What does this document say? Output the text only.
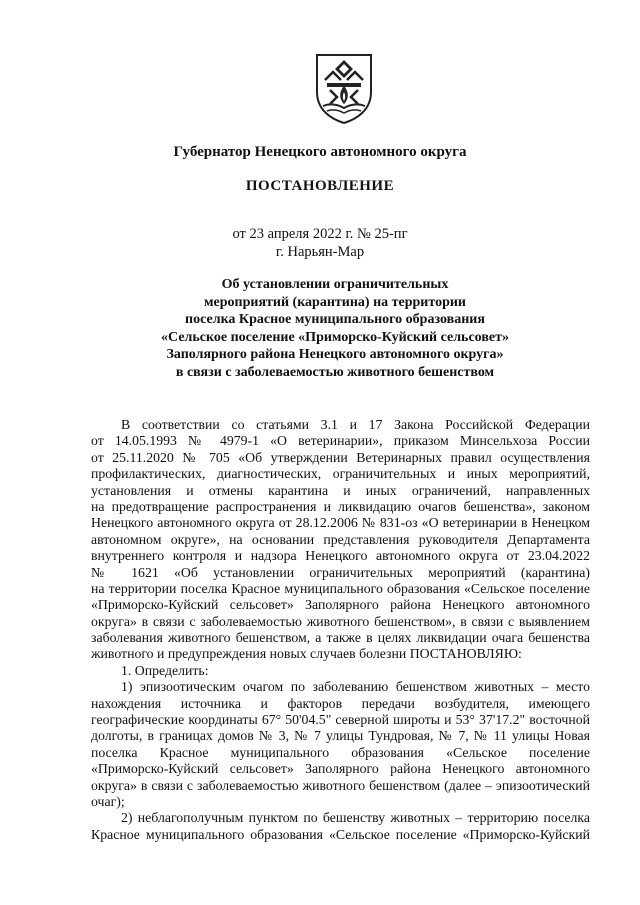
Губернатор Ненецкого автономного округа
ПОСТАНОВЛЕНИЕ
от 23 апреля 2022 г. № 25-пг
г. Нарьян-Мар
Об установлении ограничительных
мероприятий (карантина) на территории
поселка Красное муниципального образования
«Сельское поселение «Приморско-Куйский сельсовет»
Заполярного района Ненецкого автономного округа»
в связи с заболеваемостью животного бешенством
В соответствии со статьями 3.1 и 17 Закона Российской Федерации
от 14.05.1993 № 4979-1 «О ветеринарии», приказом Минсельхоза России
от 25.11.2020 № 705 «Об утверждении Ветеринарных правил осуществления
профилактических, диагностических, ограничительных и иных мероприятий,
установления и отмены карантина и иных ограничений, направленных
на предотвращение распространения и ликвидацию очагов бешенства», законом
Ненецкого автономного округа от 28.12.2006 № 831-оз «О ветеринарии в Ненецком
автономном округе», на основании представления руководителя Департамента
внутреннего контроля и надзора Ненецкого автономного округа от 23.04.2022
№ 1621 «Об установлении ограничительных мероприятий (карантина)
на территории поселка Красное муниципального образования «Сельское поселение
«Приморско-Куйский сельсовет» Заполярного района Ненецкого автономного
округа» в связи с заболеваемостью животного бешенством», в связи с выявлением
заболевания животного бешенством, а также в целях ликвидации очага бешенства
животного и предупреждения новых случаев болезни ПОСТАНОВЛЯЮ:
1. Определить:
1) эпизоотическим очагом по заболеванию бешенством животных – место
нахождения источника и факторов передачи возбудителя, имеющего
географические координаты 67° 50'04.5" северной широты и 53° 37'17.2" восточной
долготы, в границах домов № 3, № 7 улицы Тундровая, № 7, № 11 улицы Новая
поселка Красное муниципального образования «Сельское поселение
«Приморско-Куйский сельсовет» Заполярного района Ненецкого автономного
округа» в связи с заболеваемостью животного бешенством (далее – эпизоотический
очаг);
2) неблагополучным пунктом по бешенству животных – территорию поселка
Красное муниципального образования «Сельское поселение «Приморско-Куйский
